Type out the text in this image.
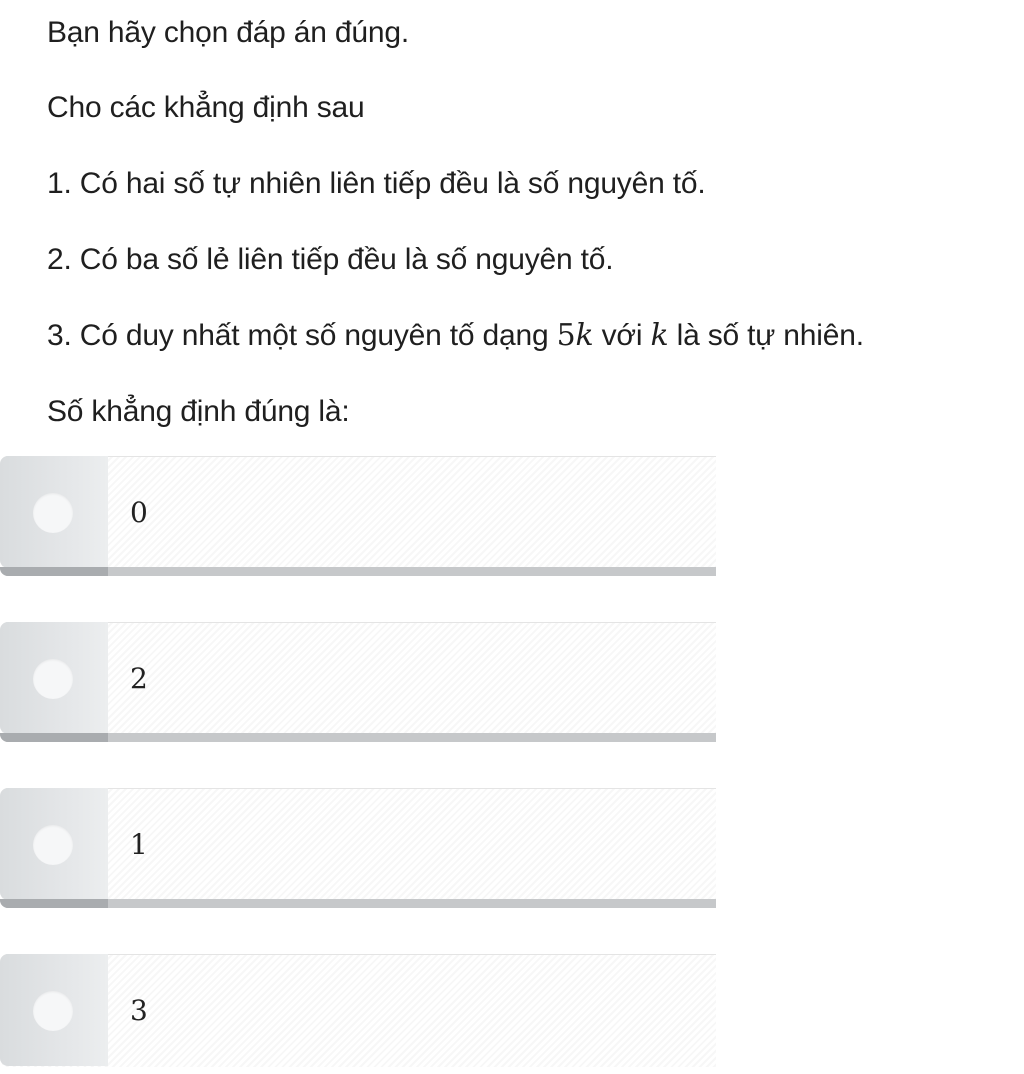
Bạn hãy chọn đáp án đúng.
Cho các khẳng định sau
1. Có hai số tự nhiên liên tiếp đều là số nguyên tố.
2. Có ba số lẻ liên tiếp đều là số nguyên tố.
3. Có duy nhất một số nguyên tố dạng 5k với k là số tự nhiên.
Số khẳng định đúng là:
0
2
1
3
